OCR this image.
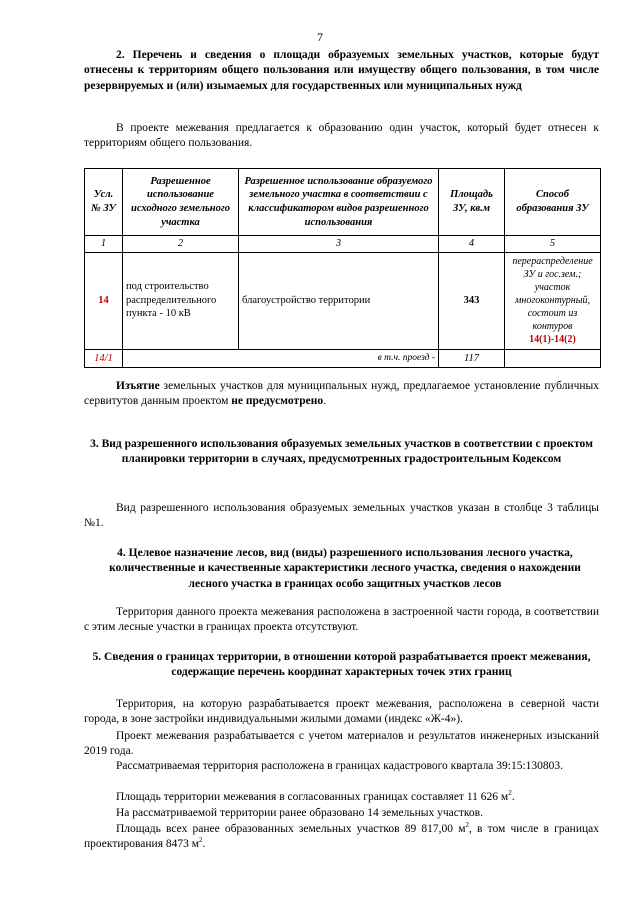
7

2. Перечень и сведения о площади образуемых земельных участков, которые будут отнесены к территориям общего пользования или имуществу общего пользования, в том числе резервируемых и (или) изымаемых для государственных или муниципальных нужд

В проекте межевания предлагается к образованию один участок, который будет отнесен к территориям общего пользования.

Усл. № ЗУ	Разрешенное использование исходного земельного участка	Разрешенное использование образуемого земельного участка в соответствии с классификатором видов разрешенного использования	Площадь ЗУ, кв.м	Способ образования ЗУ
1	2	3	4	5
14	под строительство распределительного пункта - 10 кВ	благоустройство территории	343	перераспределение ЗУ и гос.зем.; участок многоконтурный, состоит из контуров 14(1)-14(2)
14/1		в т.ч. проезд -	117	

Изъятие земельных участков для муниципальных нужд, предлагаемое установление публичных сервитутов данным проектом не предусмотрено.

3. Вид разрешенного использования образуемых земельных участков в соответствии с проектом планировки территории в случаях, предусмотренных градостроительным Кодексом

Вид разрешенного использования образуемых земельных участков указан в столбце 3 таблицы №1.

4. Целевое назначение лесов, вид (виды) разрешенного использования лесного участка, количественные и качественные характеристики лесного участка, сведения о нахождении лесного участка в границах особо защитных участков лесов

Территория данного проекта межевания расположена в застроенной части города, в соответствии с этим лесные участки в границах проекта отсутствуют.

5. Сведения о границах территории, в отношении которой разрабатывается проект межевания, содержащие перечень координат характерных точек этих границ

Территория, на которую разрабатывается проект межевания, расположена в северной части города, в зоне застройки индивидуальными жилыми домами (индекс «Ж-4»).

Проект межевания разрабатывается с учетом материалов и результатов инженерных изысканий 2019 года.

Рассматриваемая территория расположена в границах кадастрового квартала 39:15:130803.

Площадь территории межевания в согласованных границах составляет 11 626 $м^2$.

На рассматриваемой территории ранее образовано 14 земельных участков.

Площадь всех ранее образованных земельных участков 89 817,00 $м^2$, в том числе в границах проектирования 8473 $м^2$.
